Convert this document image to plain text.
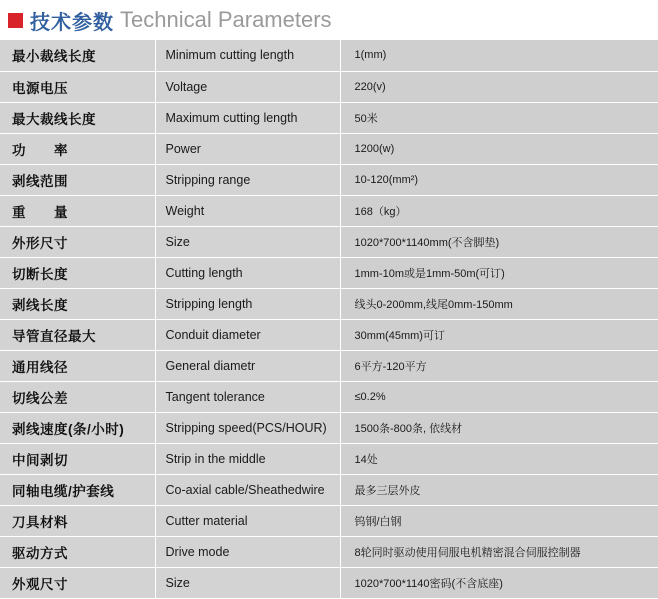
技术参数 Technical Parameters
最小裁线长度	Minimum cutting length	1(mm)
电源电压	Voltage	220(v)
最大裁线长度	Maximum cutting length	50米
功　　率	Power	1200(w)
剥线范围	Stripping range	10-120(mm²)
重　　量	Weight	168（kg）
外形尺寸	Size	1020*700*1140mm(不含脚垫)
切断长度	Cutting length	1mm-10m或是1mm-50m(可订)
剥线长度	Stripping length	线头0-200mm,线尾0mm-150mm
导管直径最大	Conduit diameter	30mm(45mm)可订
通用线径	General diametr	6平方-120平方
切线公差	Tangent tolerance	≤0.2%
剥线速度(条/小时)	Stripping speed(PCS/HOUR)	1500条-800条, 依线材
中间剥切	Strip in the middle	14处
同轴电缆/护套线	Co-axial cable/Sheathedwire	最多三层外皮
刀具材料	Cutter material	钨钢/白钢
驱动方式	Drive mode	8轮同时驱动使用伺服电机精密混合伺服控制器
外观尺寸	Size	1020*700*1140密码(不含底座)
